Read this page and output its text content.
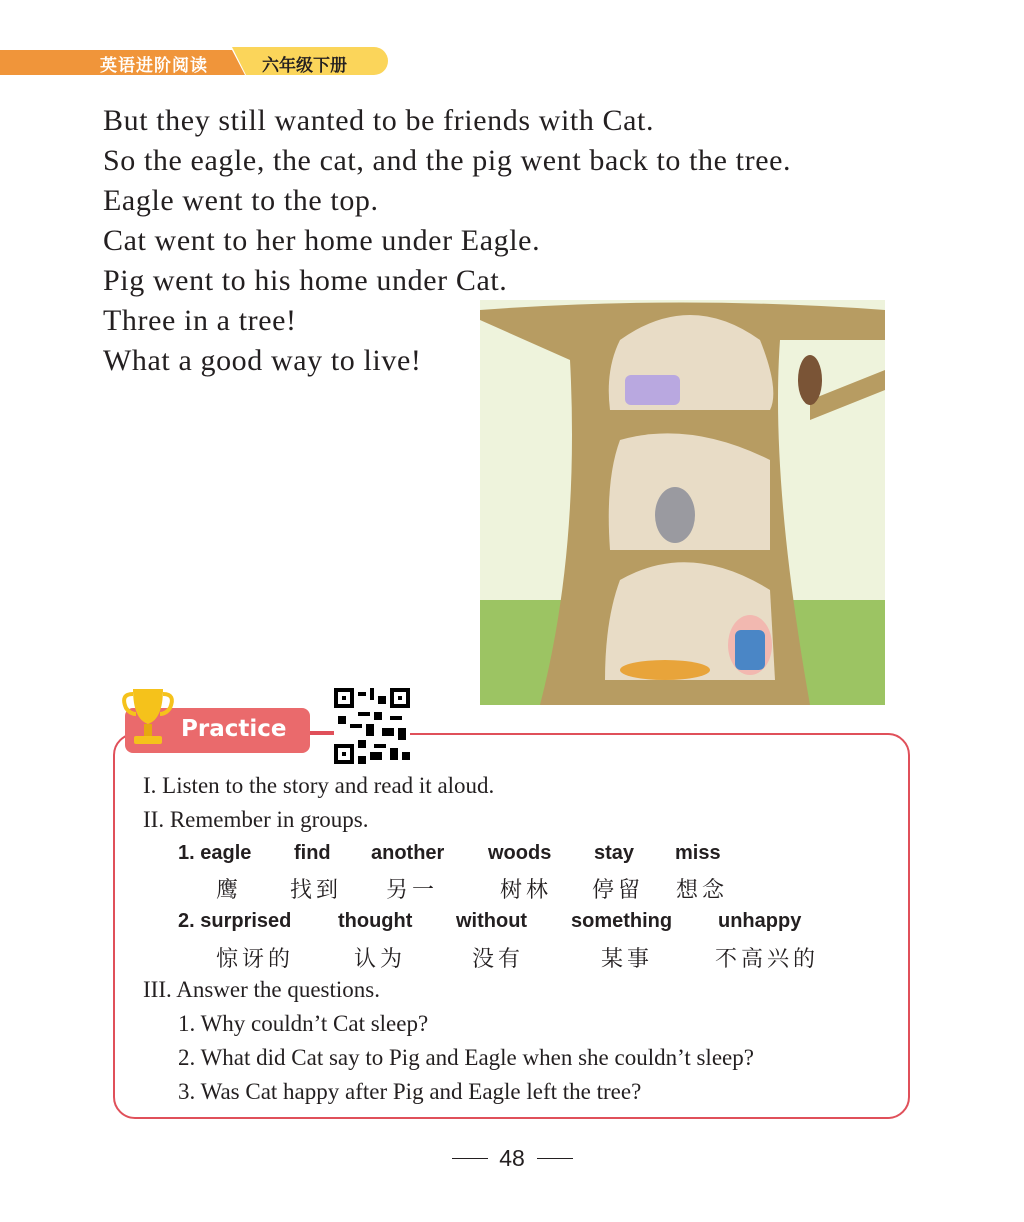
英语进阶阅读	六年级下册
But they still wanted to be friends with Cat.
So the eagle, the cat, and the pig went back to the tree.
Eagle went to the top.
Cat went to her home under Eagle.
Pig went to his home under Cat.
Three in a tree!
What a good way to live!
Practice
I. Listen to the story and read it aloud.
II. Remember in groups.
1. eagle find another woods stay miss
鹰 找到 另一	树林 停留 想念
2. surprised thought without something unhappy
惊讶的	认为	没有	某事	不高兴的
III. Answer the questions.
1. Why couldn’t Cat sleep?
2. What did Cat say to Pig and Eagle when she couldn’t sleep?
3. Was Cat happy after Pig and Eagle left the tree?
48
